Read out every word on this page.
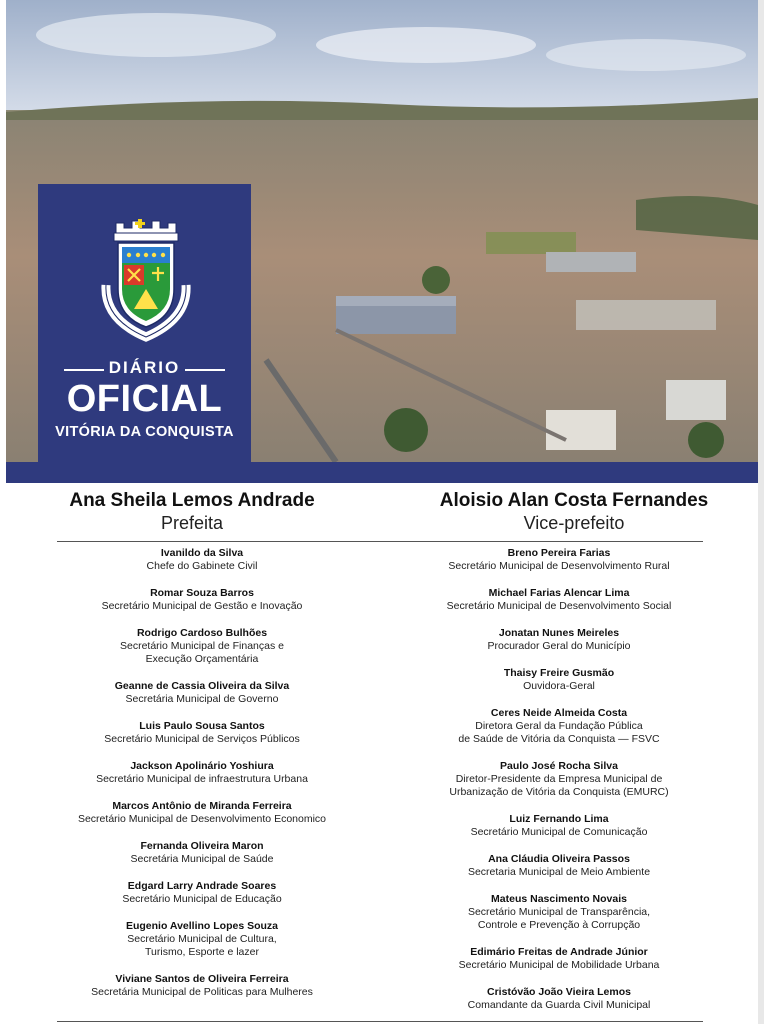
DIÁRIO
OFICIAL
VITÓRIA DA CONQUISTA
Ana Sheila Lemos Andrade
Prefeita
Aloisio Alan Costa Fernandes
Vice-prefeito
Ivanildo da Silva
Chefe do Gabinete Civil
Romar Souza Barros
Secretário Municipal de Gestão e Inovação
Rodrigo Cardoso Bulhões
Secretário Municipal de Finanças e
Execução Orçamentária
Geanne de Cassia Oliveira da Silva
Secretária Municipal de Governo
Luis Paulo Sousa Santos
Secretário Municipal de Serviços Públicos
Jackson Apolinário Yoshiura
Secretário Municipal de infraestrutura Urbana
Marcos Antônio de Miranda Ferreira
Secretário Municipal de Desenvolvimento Economico
Fernanda Oliveira Maron
Secretária Municipal de Saúde
Edgard Larry Andrade Soares
Secretário Municipal de Educação
Eugenio Avellino Lopes Souza
Secretário Municipal de Cultura,
Turismo, Esporte e lazer
Viviane Santos de Oliveira Ferreira
Secretária Municipal de Politicas para Mulheres
Breno Pereira Farias
Secretário Municipal de Desenvolvimento Rural
Michael Farias Alencar Lima
Secretário Municipal de Desenvolvimento Social
Jonatan Nunes Meireles
Procurador Geral do Município
Thaisy Freire Gusmão
Ouvidora-Geral
Ceres Neide Almeida Costa
Diretora Geral da Fundação Pública
de Saúde de Vitória da Conquista — FSVC
Paulo José Rocha Silva
Diretor-Presidente da Empresa Municipal de
Urbanização de Vitória da Conquista (EMURC)
Luiz Fernando Lima
Secretário Municipal de Comunicação
Ana Cláudia Oliveira Passos
Secretaria Municipal de Meio Ambiente
Mateus Nascimento Novais
Secretário Municipal de Transparência,
Controle e Prevenção à Corrupção
Edimário Freitas de Andrade Júnior
Secretário Municipal de Mobilidade Urbana
Cristóvão João Vieira Lemos
Comandante da Guarda Civil Municipal
